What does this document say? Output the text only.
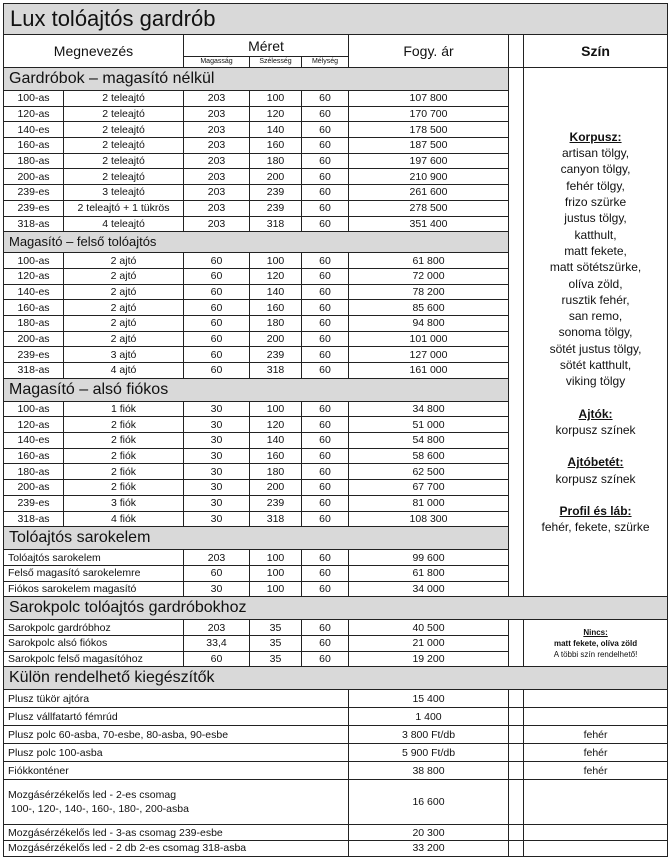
Lux tolóajtós gardrób							
Megnevezés		Méret			Fogy. ár		Szín
		Magasság	Szélesség	Mélység			
Gardróbok – magasító nélkül		
Korpusz:
artisan tölgy,
canyon tölgy,
fehér tölgy,
frizo szürke
justus tölgy,
katthult,
matt fekete,
matt sötétszürke,
olíva zöld,
rusztik fehér,
san remo,
sonoma tölgy,
sötét justus tölgy,
sötét katthult,
viking tölgy
Ajtók:
korpusz színek
Ajtóbetét:
korpusz színek
Profil és láb:
fehér, fekete, szürke

100-as	2 teleajtó	203	100	60	107 800		
120-as	2 teleajtó	203	120	60	170 700		
140-es	2 teleajtó	203	140	60	178 500		
160-as	2 teleajtó	203	160	60	187 500		
180-as	2 teleajtó	203	180	60	197 600		
200-as	2 teleajtó	203	200	60	210 900		
239-es	3 teleajtó	203	239	60	261 600		
239-es	2 teleajtó + 1 tükrös	203	239	60	278 500		
318-as	4 teleajtó	203	318	60	351 400		
Magasító – felső tolóajtós							
100-as	2 ajtó	60	100	60	61 800		
120-as	2 ajtó	60	120	60	72 000		
140-es	2 ajtó	60	140	60	78 200		
160-as	2 ajtó	60	160	60	85 600		
180-as	2 ajtó	60	180	60	94 800		
200-as	2 ajtó	60	200	60	101 000		
239-es	3 ajtó	60	239	60	127 000		
318-as	4 ajtó	60	318	60	161 000		
Magasító – alsó fiókos							
100-as	1 fiók	30	100	60	34 800		
120-as	2 fiók	30	120	60	51 000		
140-es	2 fiók	30	140	60	54 800		
160-as	2 fiók	30	160	60	58 600		
180-as	2 fiók	30	180	60	62 500		
200-as	2 fiók	30	200	60	67 700		
239-es	3 fiók	30	239	60	81 000		
318-as	4 fiók	30	318	60	108 300		
Tolóajtós sarokelem							
Tolóajtós sarokelem		203	100	60	99 600		
Felső magasító sarokelemre		60	100	60	61 800		
Fiókos sarokelem magasító		30	100	60	34 000		
Sarokpolc tolóajtós gardróbokhoz							
Sarokpolc gardróbhoz		203	35	60	40 500		Nincs:
matt fekete, olíva zöld
A többi szín rendelhető!

Sarokpolc alsó fiókos		33,4	35	60	21 000		
Sarokpolc felső magasítóhoz		60	35	60	19 200		
Külön rendelhető kiegészítők							
Plusz tükör ajtóra					15 400		
Plusz vállfatartó fémrúd					1 400		
Plusz polc 60-asba, 70-esbe, 80-asba, 90-esbe					3 800 Ft/db		fehér
Plusz polc 100-asba					5 900 Ft/db		fehér
Fiókkonténer					38 800		fehér

Mozgásérzékelős led - 2-es csomag
100-, 120-, 140-, 160-, 180-, 200-asba					16 600		
Mozgásérzékelős led - 3-as csomag 239-esbe					20 300		
Mozgásérzékelős led - 2 db 2-es csomag 318-asba					33 200		
